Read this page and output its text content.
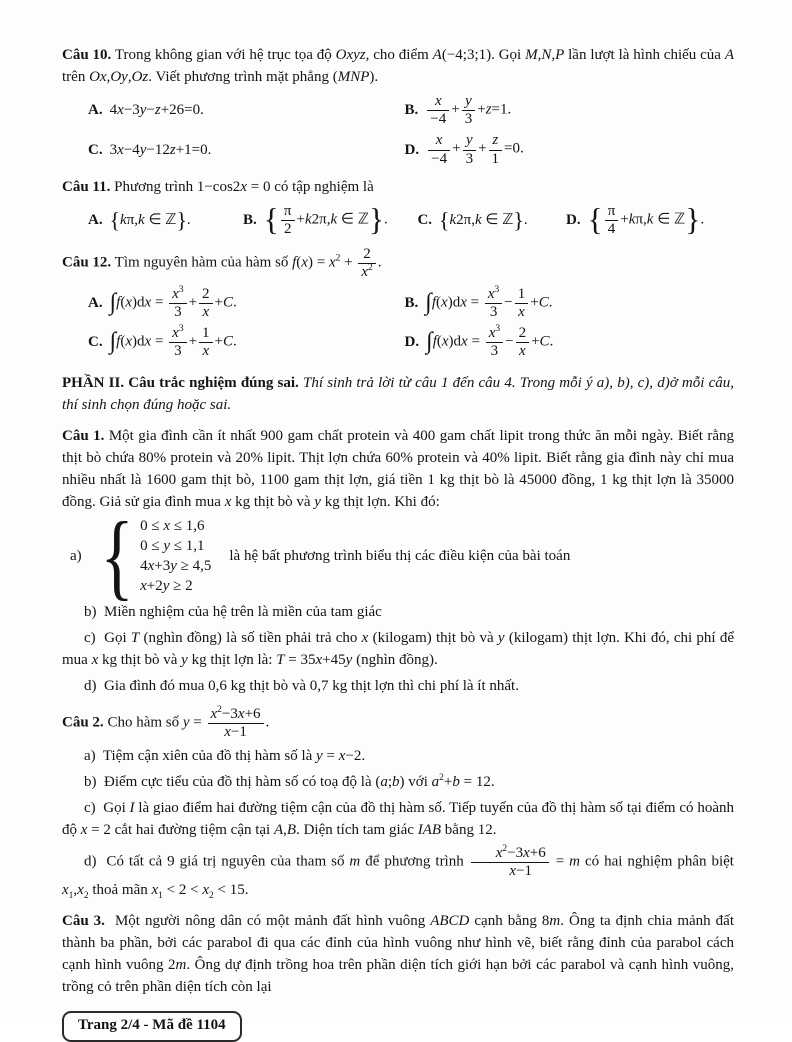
Câu 10. Trong không gian với hệ trục tọa độ Oxyz, cho điểm A(−4;3;1). Gọi M,N,P lần lượt là hình chiếu của A trên Ox,Oy,Oz. Viết phương trình mặt phẳng (MNP).

A. 4x−3y−z+26=0.	B. $\frac{x}{-4} + \frac{y}{3} +z=1$.
C. 3x−4y−12z+1=0.	D. $\frac{x}{-4} + \frac{y}{3} + \frac{z}{1} =0$.

Câu 11. Phương trình 1−cos2x = 0 có tập nghiệm là

A. {kπ,k ∈ ℤ}.	B. { $\frac{\pi}{2} +k2\pi,k$ ∈ ℤ}. C. {k2π,k ∈ ℤ}.	D. { $\frac{\pi}{4} +k\pi,k$ ∈ ℤ}.

Câu 12. Tìm nguyên hàm của hàm số $f(x) = x^2 + \frac{2}{x^2}$ .

A. $\int f(x)dx = \frac{x^3}{3} + \frac{2}{x} +C$.	B. $\int f(x)dx = \frac{x^3}{3} - \frac{1}{x} +C$.
C. $\int f(x)dx = \frac{x^3}{3} + \frac{1}{x} +C$.	D. $\int f(x)dx = \frac{x^3}{3} - \frac{2}{x} +C$.

PHẦN II. Câu trắc nghiệm đúng sai. Thí sinh trả lời từ câu 1 đến câu 4. Trong mỗi ý a), b), c), d)ở mỗi câu, thí sinh chọn đúng hoặc sai.

Câu 1. Một gia đình cần ít nhất 900 gam chất protein và 400 gam chất lipit trong thức ăn mỗi ngày. Biết rằng thịt bò chứa 80% protein và 20% lipit. Thịt lợn chứa 60% protein và 40% lipit. Biết rằng gia đình này chỉ mua nhiều nhất là 1600 gam thịt bò, 1100 gam thịt lợn, giá tiền 1 kg thịt bò là 45000 đồng, 1 kg thịt lợn là 35000 đồng. Giả sử gia đình mua x kg thịt bò và y kg thịt lợn. Khi đó:

a) { 0 ≤ x ≤ 1,6
0 ≤ y ≤ 1,1
4x+3y ≥ 4,5
x+2y ≥ 2
là hệ bất phương trình biểu thị các điều kiện của bài toán

b)  Miền nghiệm của hệ trên là miền của tam giác

c)  Gọi T (nghìn đồng) là số tiền phải trả cho x (kilogam) thịt bò và y (kilogam) thịt lợn. Khi đó, chi phí để mua x kg thịt bò và y kg thịt lợn là: T = 35x+45y (nghìn đồng).

d)  Gia đình đó mua 0,6 kg thịt bò và 0,7 kg thịt lợn thì chi phí là ít nhất.

Câu 2. Cho hàm số $y = \frac{x^2-3x+6}{x-1}$ .

a)  Tiệm cận xiên của đồ thị hàm số là y = x−2.

b)  Điểm cực tiểu của đồ thị hàm số có toạ độ là (a;b) với $a^2+b = 12$.

c)  Gọi I là giao điểm hai đường tiệm cận của đồ thị hàm số. Tiếp tuyến của đồ thị hàm số tại điểm có hoành độ x = 2 cắt hai đường tiệm cận tại A,B. Diện tích tam giác IAB bằng 12.

d)  Có tất cả 9 giá trị nguyên của tham số m để phương trình $\frac{x^2-3x+6}{x-1} = m$ có hai nghiệm phân biệt $x_1,x_2$ thoả mãn $x_1 < 2 < x_2 < 15$.

Câu 3.  Một người nông dân có một mảnh đất hình vuông ABCD cạnh bằng 8m. Ông ta định chia mảnh đất thành ba phần, bởi các parabol đi qua các đỉnh của hình vuông như hình vẽ, biết rằng đỉnh của parabol cách cạnh hình vuông 2m. Ông dự định trồng hoa trên phần diện tích giới hạn bởi các parabol và cạnh hình vuông, trồng cỏ trên phần diện tích còn lại

Trang 2/4 - Mã đề 1104
